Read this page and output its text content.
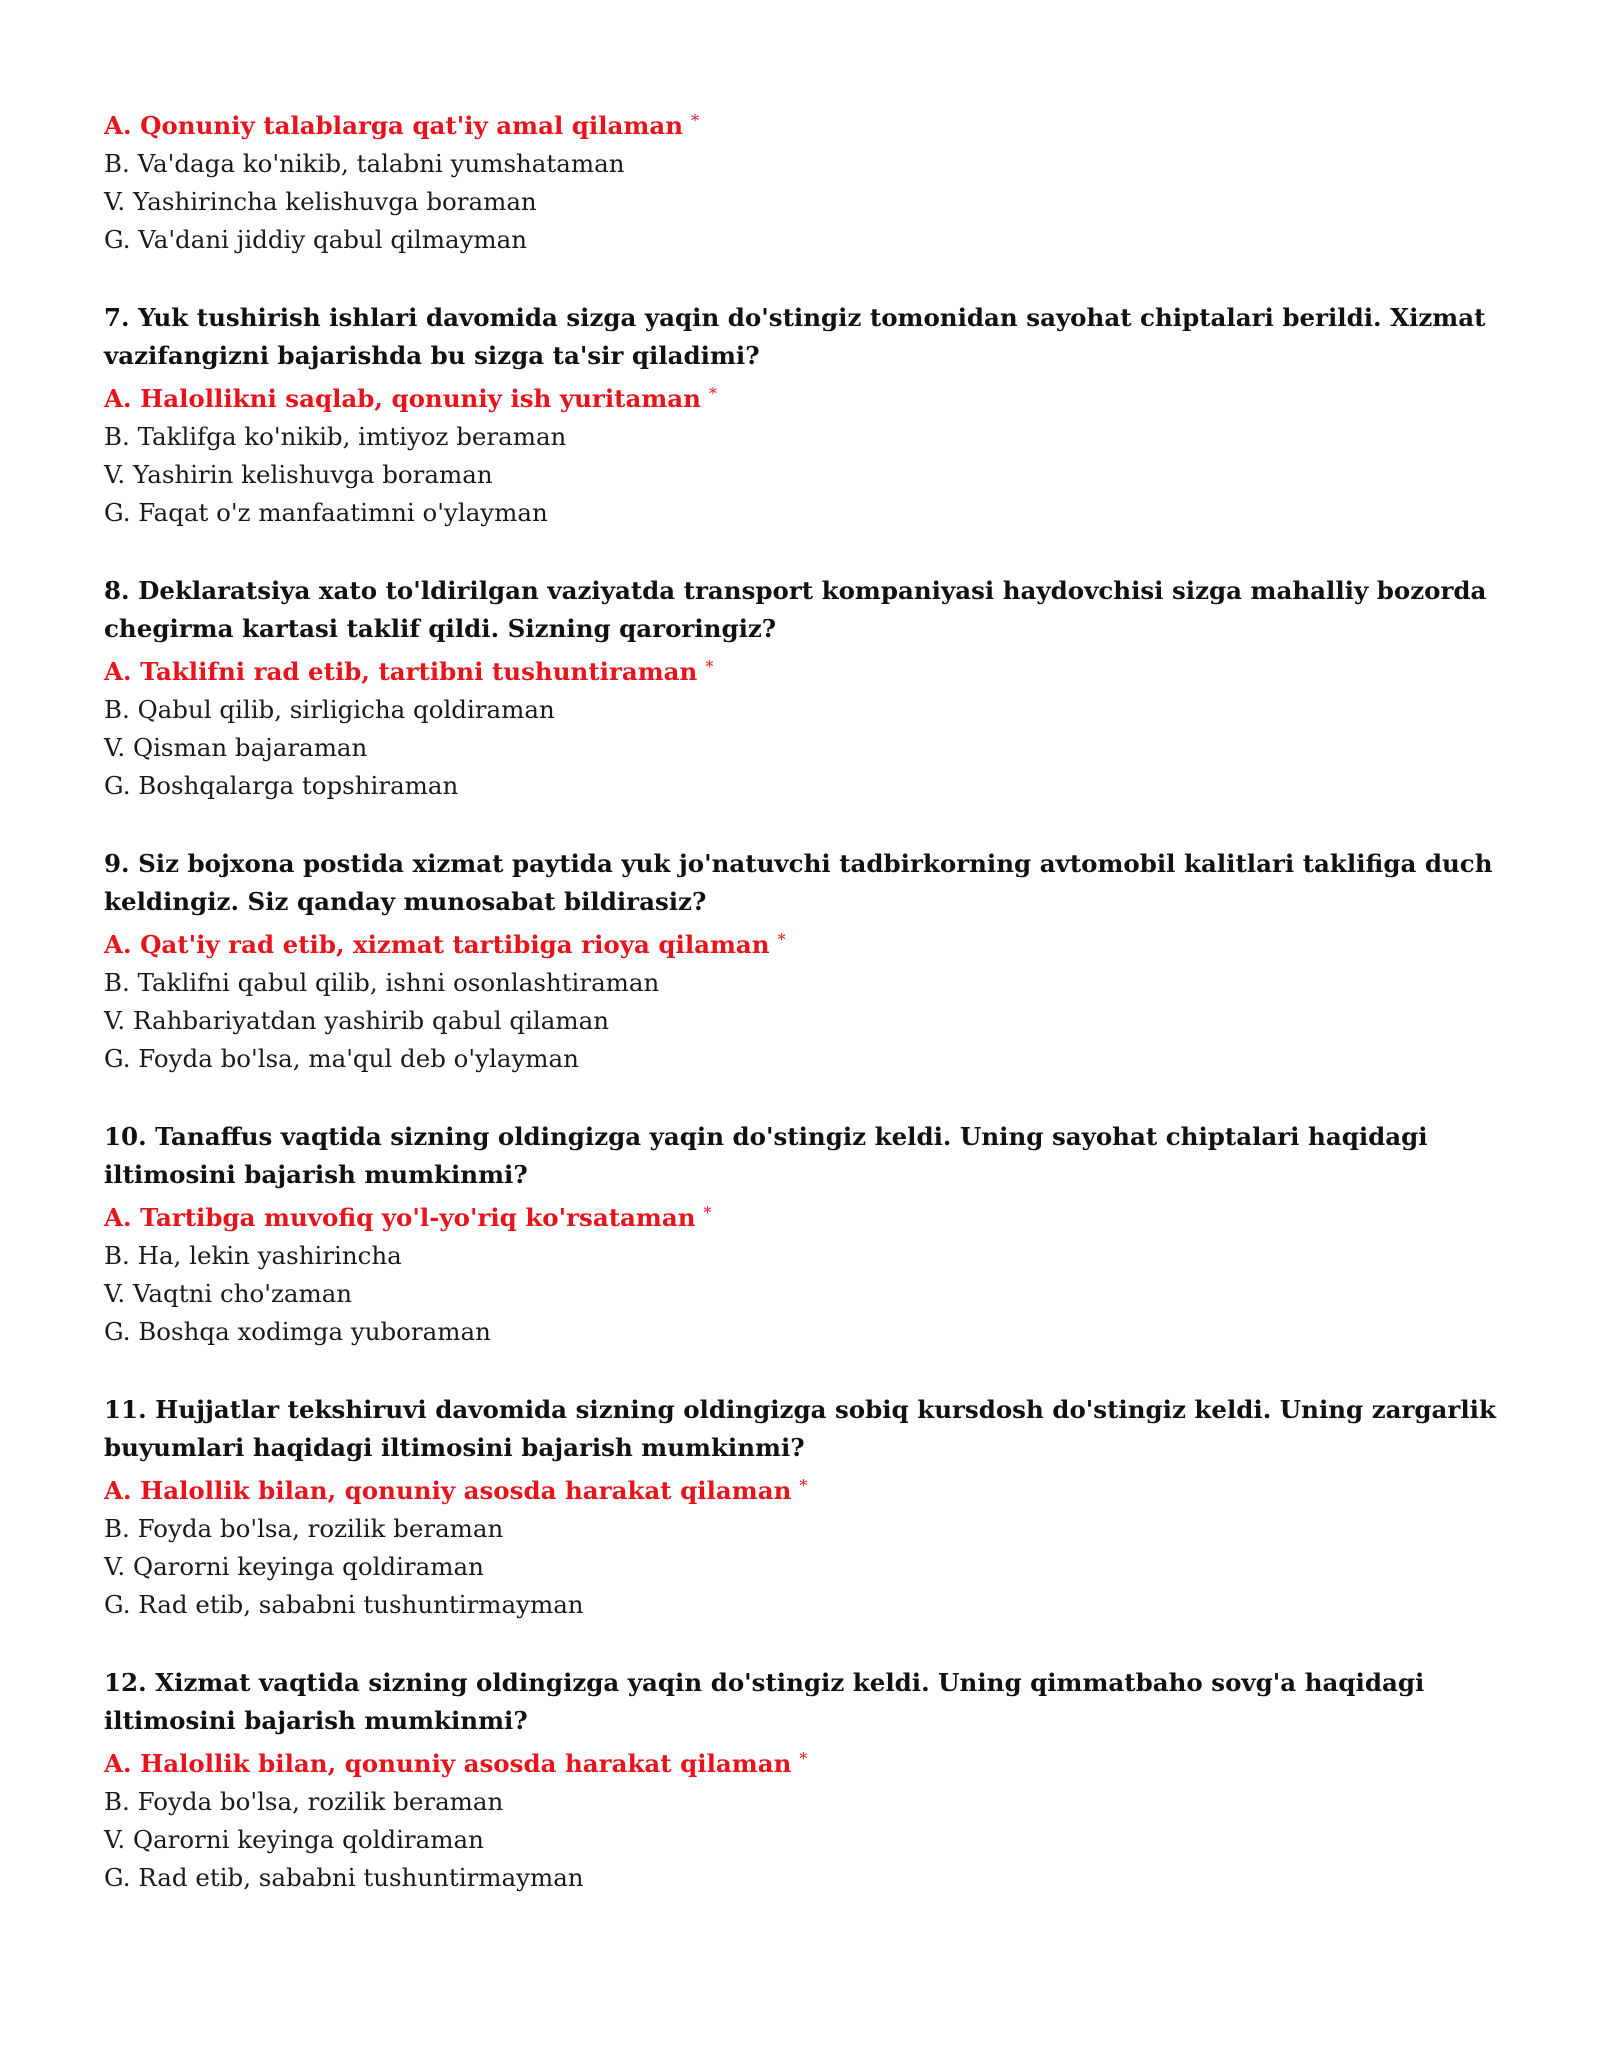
A. Qonuniy talablarga qat'iy amal qilaman *

B. Va'daga ko'nikib, talabni yumshataman

V. Yashirincha kelishuvga boraman

G. Va'dani jiddiy qabul qilmayman

7. Yuk tushirish ishlari davomida sizga yaqin do'stingiz tomonidan sayohat chiptalari berildi. Xizmat vazifangizni bajarishda bu sizga ta'sir qiladimi?

A. Halollikni saqlab, qonuniy ish yuritaman *

B. Taklifga ko'nikib, imtiyoz beraman

V. Yashirin kelishuvga boraman

G. Faqat o'z manfaatimni o'ylayman

8. Deklaratsiya xato to'ldirilgan vaziyatda transport kompaniyasi haydovchisi sizga mahalliy bozorda chegirma kartasi taklif qildi. Sizning qaroringiz?

A. Taklifni rad etib, tartibni tushuntiraman *

B. Qabul qilib, sirligicha qoldiraman

V. Qisman bajaraman

G. Boshqalarga topshiraman

9. Siz bojxona postida xizmat paytida yuk jo'natuvchi tadbirkorning avtomobil kalitlari taklifiga duch keldingiz. Siz qanday munosabat bildirasiz?

A. Qat'iy rad etib, xizmat tartibiga rioya qilaman *

B. Taklifni qabul qilib, ishni osonlashtiraman

V. Rahbariyatdan yashirib qabul qilaman

G. Foyda bo'lsa, ma'qul deb o'ylayman

10. Tanaffus vaqtida sizning oldingizga yaqin do'stingiz keldi. Uning sayohat chiptalari haqidagi iltimosini bajarish mumkinmi?

A. Tartibga muvofiq yo'l-yo'riq ko'rsataman *

B. Ha, lekin yashirincha

V. Vaqtni cho'zaman

G. Boshqa xodimga yuboraman

11. Hujjatlar tekshiruvi davomida sizning oldingizga sobiq kursdosh do'stingiz keldi. Uning zargarlik buyumlari haqidagi iltimosini bajarish mumkinmi?

A. Halollik bilan, qonuniy asosda harakat qilaman *

B. Foyda bo'lsa, rozilik beraman

V. Qarorni keyinga qoldiraman

G. Rad etib, sababni tushuntirmayman

12. Xizmat vaqtida sizning oldingizga yaqin do'stingiz keldi. Uning qimmatbaho sovg'a haqidagi iltimosini bajarish mumkinmi?

A. Halollik bilan, qonuniy asosda harakat qilaman *

B. Foyda bo'lsa, rozilik beraman

V. Qarorni keyinga qoldiraman

G. Rad etib, sababni tushuntirmayman
